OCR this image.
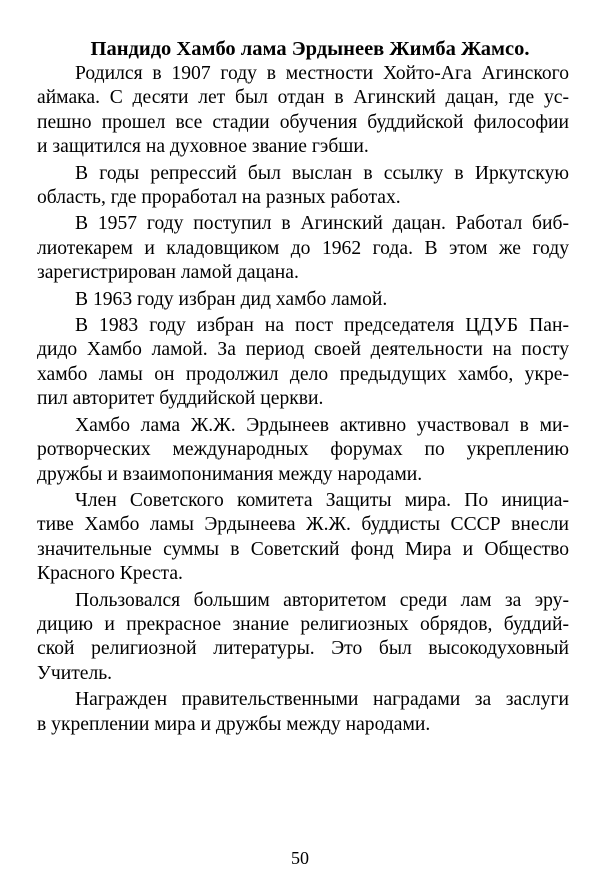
Пандидо Хамбо лама Эрдынеев Жимба Жамсо.

Родился в 1907 году в местности Хойто-Ага Агинского
аймака. С десяти лет был отдан в Агинский дацан, где ус-
пешно прошел все стадии обучения буддийской философии
и защитился на духовное звание гэбши.

В годы репрессий был выслан в ссылку в Иркутскую
область, где проработал на разных работах.

В 1957 году поступил в Агинский дацан. Работал биб-
лиотекарем и кладовщиком до 1962 года. В этом же году
зарегистрирован ламой дацана.

В 1963 году избран дид хамбо ламой.

В 1983 году избран на пост председателя ЦДУБ Пан-
дидо Хамбо ламой. За период своей деятельности на посту
хамбо ламы он продолжил дело предыдущих хамбо, укре-
пил авторитет буддийской церкви.

Хамбо лама Ж.Ж. Эрдынеев активно участвовал в ми-
ротворческих международных форумах по укреплению
дружбы и взаимопонимания между народами.

Член Советского комитета Защиты мира. По инициа-
тиве Хамбо ламы Эрдынеева Ж.Ж. буддисты СССР внесли
значительные суммы в Советский фонд Мира и Общество
Красного Креста.

Пользовался большим авторитетом среди лам за эру-
дицию и прекрасное знание религиозных обрядов, буддий-
ской религиозной литературы. Это был высокодуховный
Учитель.

Награжден правительственными наградами за заслуги
в укреплении мира и дружбы между народами.

50
